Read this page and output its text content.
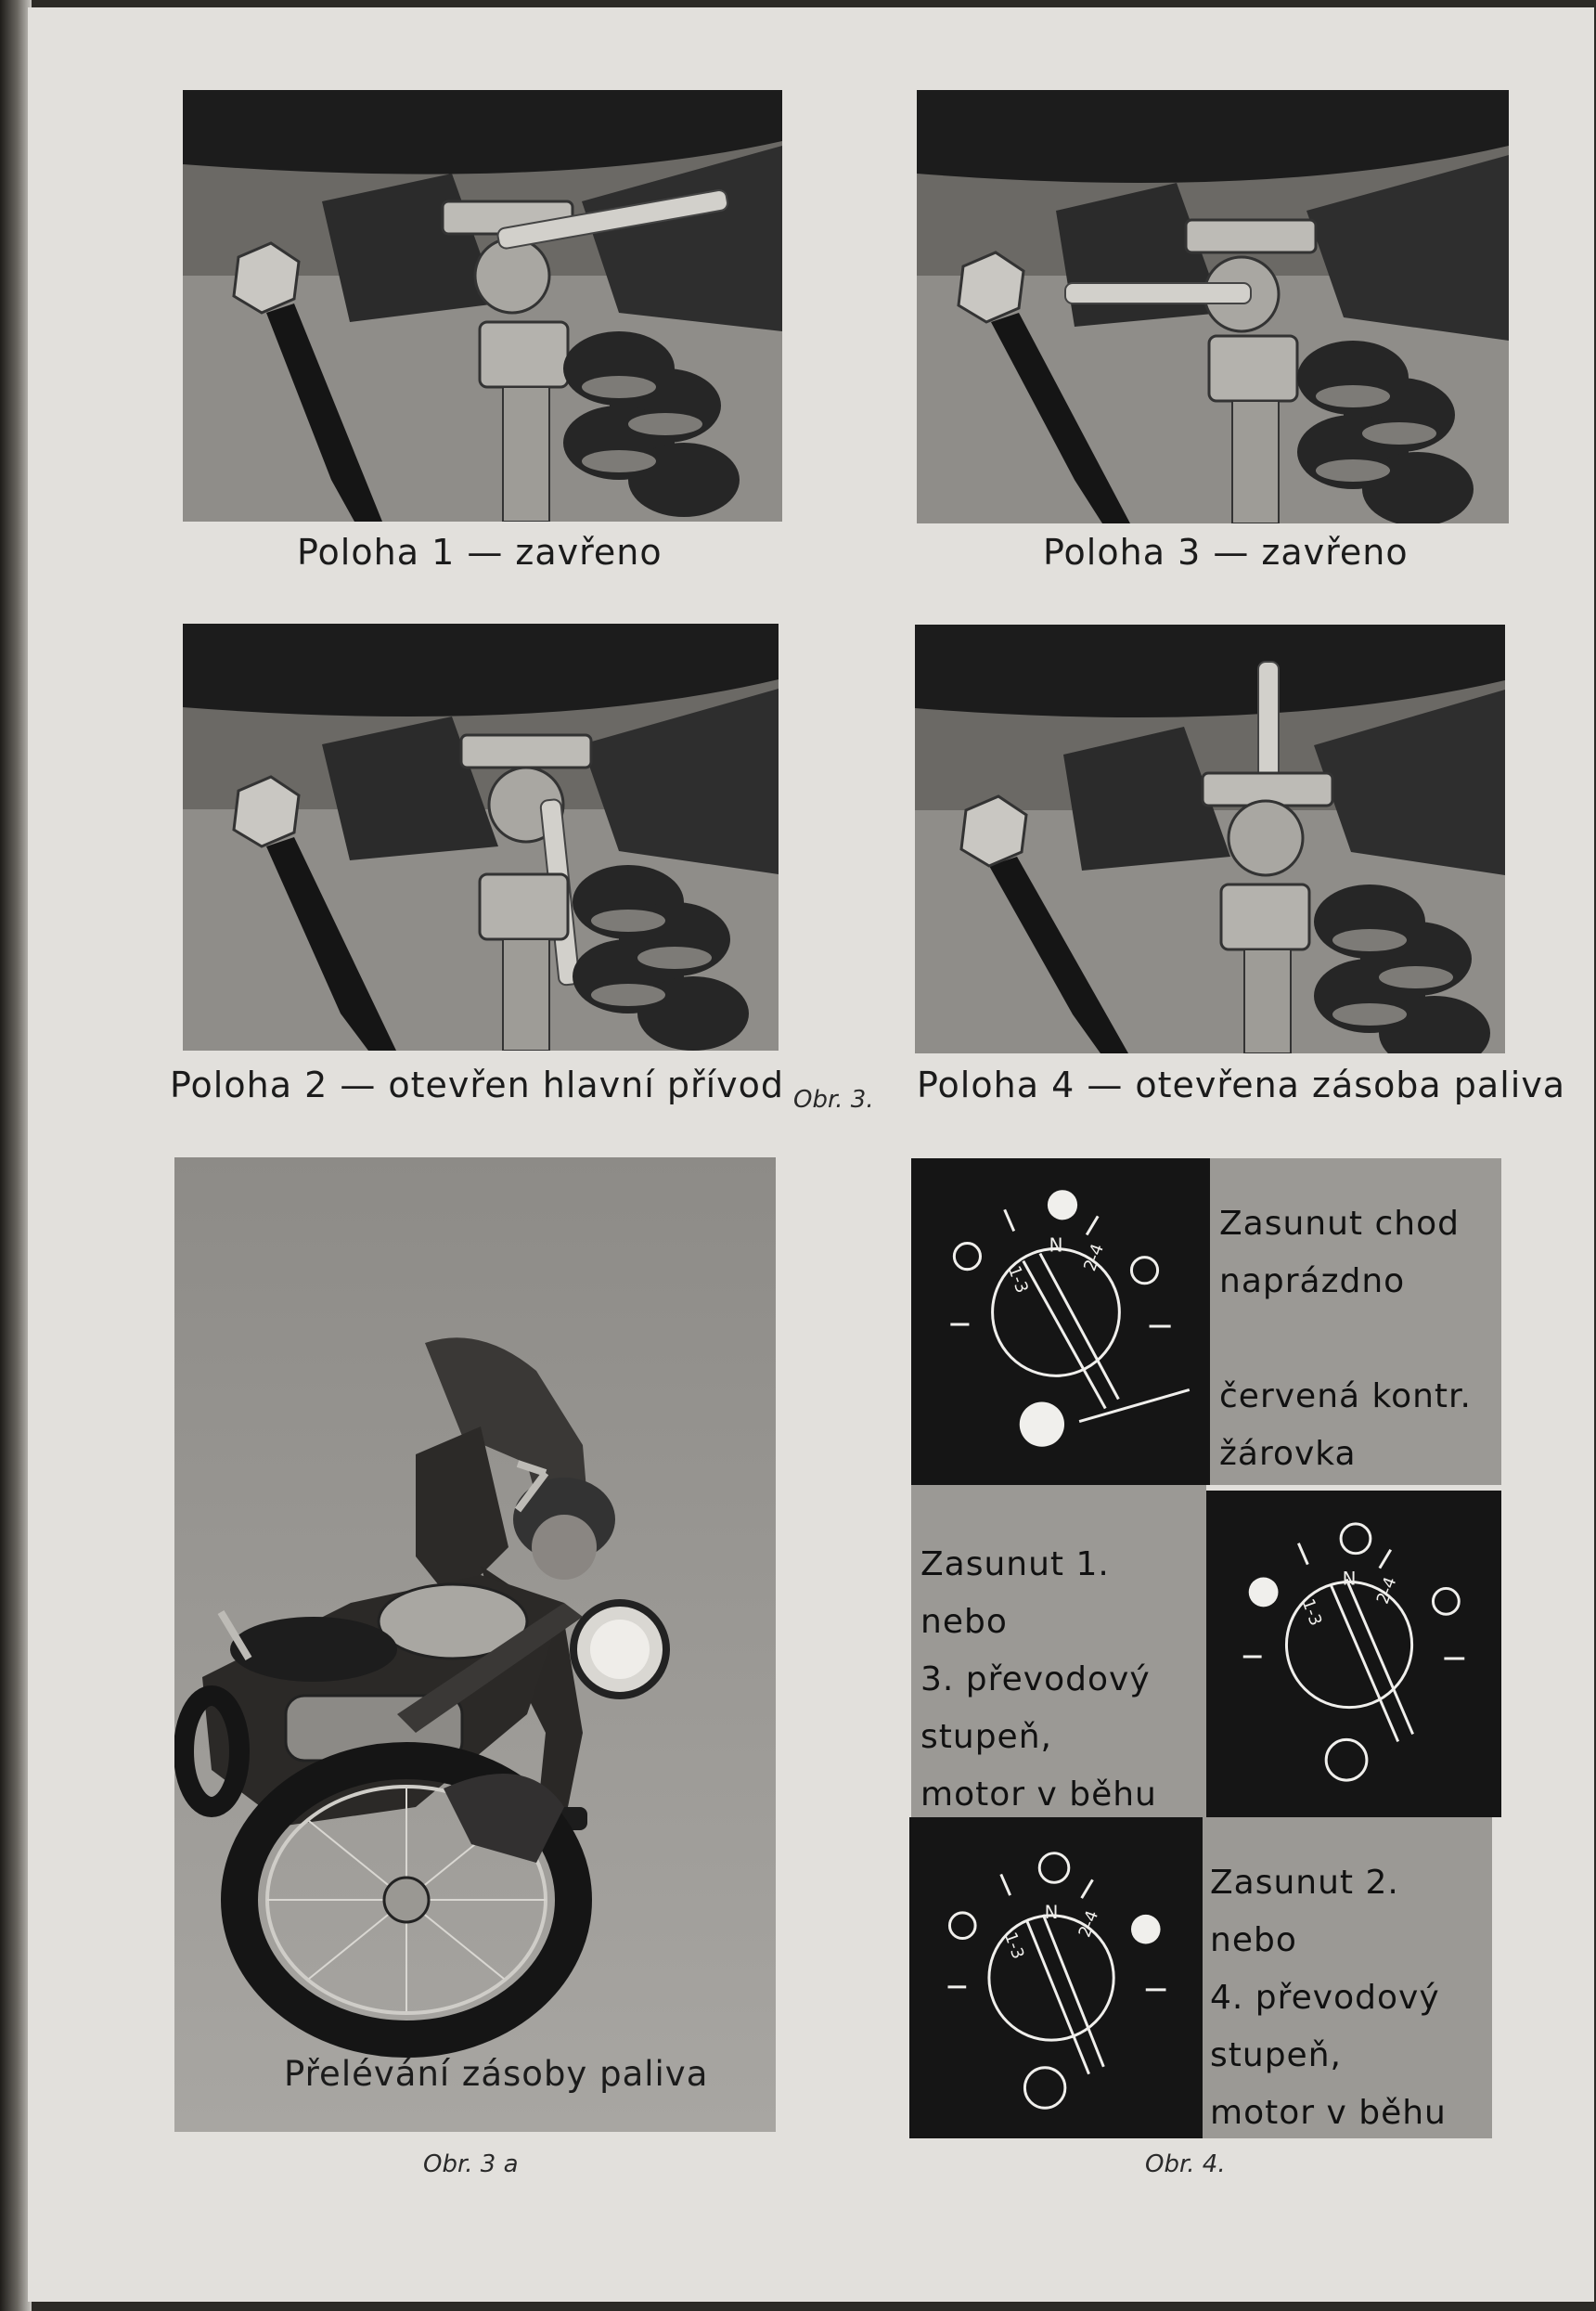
Poloha 1 — zavřeno	Poloha 3 — zavřeno
Poloha 2 — otevřen hlavní přívod Obr. 3. Poloha 4 — otevřena zásoba paliva
Přelévání zásoby paliva
Obr. 3 a
N
1-3
2-4
Zasunut chod
naprázdno

červená kontr.
žárovka
Zasunut 1. nebo
3. převodový
stupeň,
motor v běhu
N
1-3
2-4
N
1-3
2-4
Zasunut 2. nebo
4. převodový
stupeň,
motor v běhu
Obr. 4.
